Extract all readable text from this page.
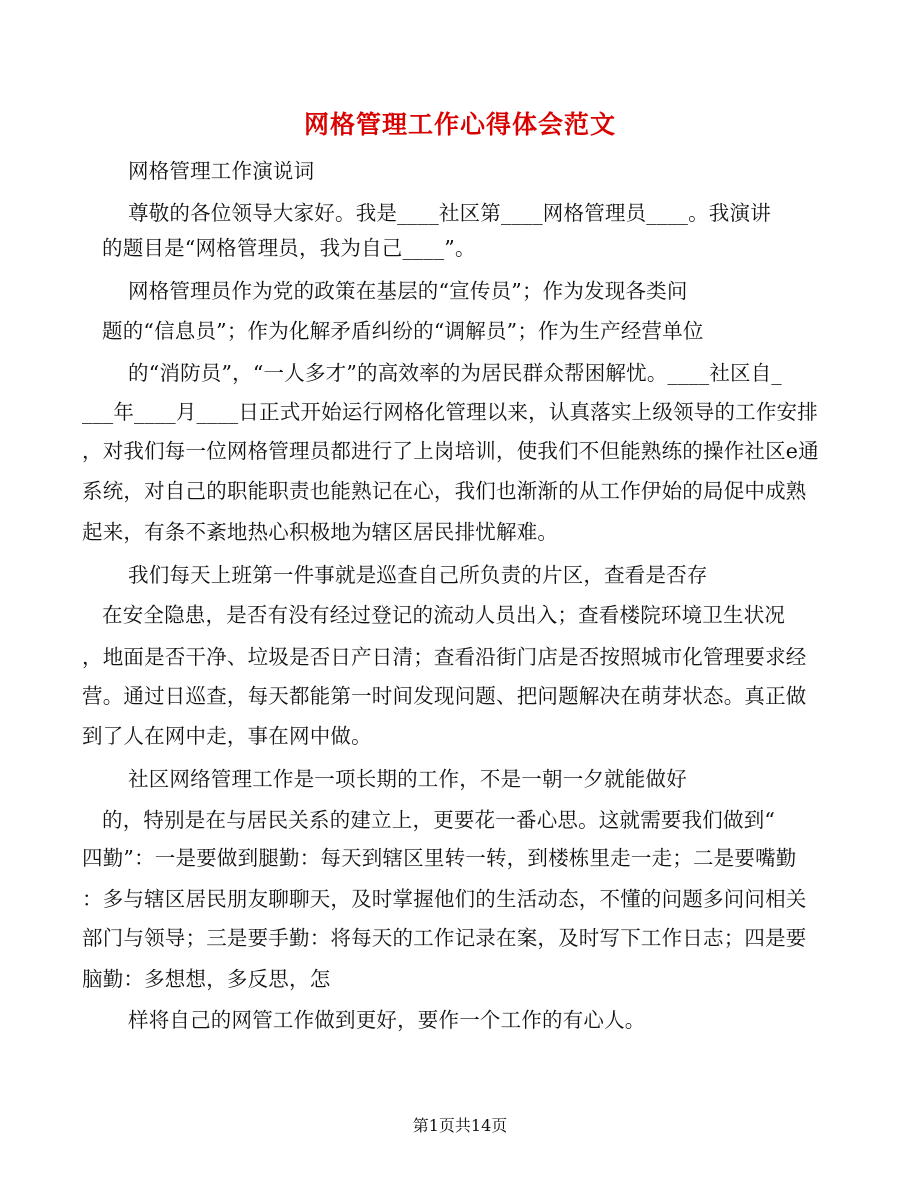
网格管理工作心得体会范文
网格管理工作演说词
尊敬的各位领导大家好。我是____社区第____网格管理员____。我演讲
的题目是“网格管理员，我为自己____”。
网格管理员作为党的政策在基层的“宣传员”；作为发现各类问
题的“信息员”；作为化解矛盾纠纷的“调解员”；作为生产经营单位
的“消防员”，“一人多才”的高效率的为居民群众帮困解忧。____社区自_
___年____月____日正式开始运行网格化管理以来，认真落实上级领导的工作安排
，对我们每一位网格管理员都进行了上岗培训，使我们不但能熟练的操作社区e通
系统，对自己的职能职责也能熟记在心，我们也渐渐的从工作伊始的局促中成熟
起来，有条不紊地热心积极地为辖区居民排忧解难。
我们每天上班第一件事就是巡查自己所负责的片区，查看是否存
在安全隐患，是否有没有经过登记的流动人员出入；查看楼院环境卫生状况
，地面是否干净、垃圾是否日产日清；查看沿街门店是否按照城市化管理要求经
营。通过日巡查，每天都能第一时间发现问题、把问题解决在萌芽状态。真正做
到了人在网中走，事在网中做。
社区网络管理工作是一项长期的工作，不是一朝一夕就能做好
的，特别是在与居民关系的建立上，更要花一番心思。这就需要我们做到“
四勤”：一是要做到腿勤：每天到辖区里转一转，到楼栋里走一走；二是要嘴勤
：多与辖区居民朋友聊聊天，及时掌握他们的生活动态，不懂的问题多问问相关
部门与领导；三是要手勤：将每天的工作记录在案，及时写下工作日志；四是要
脑勤：多想想，多反思，怎
样将自己的网管工作做到更好，要作一个工作的有心人。
第1页共14页
